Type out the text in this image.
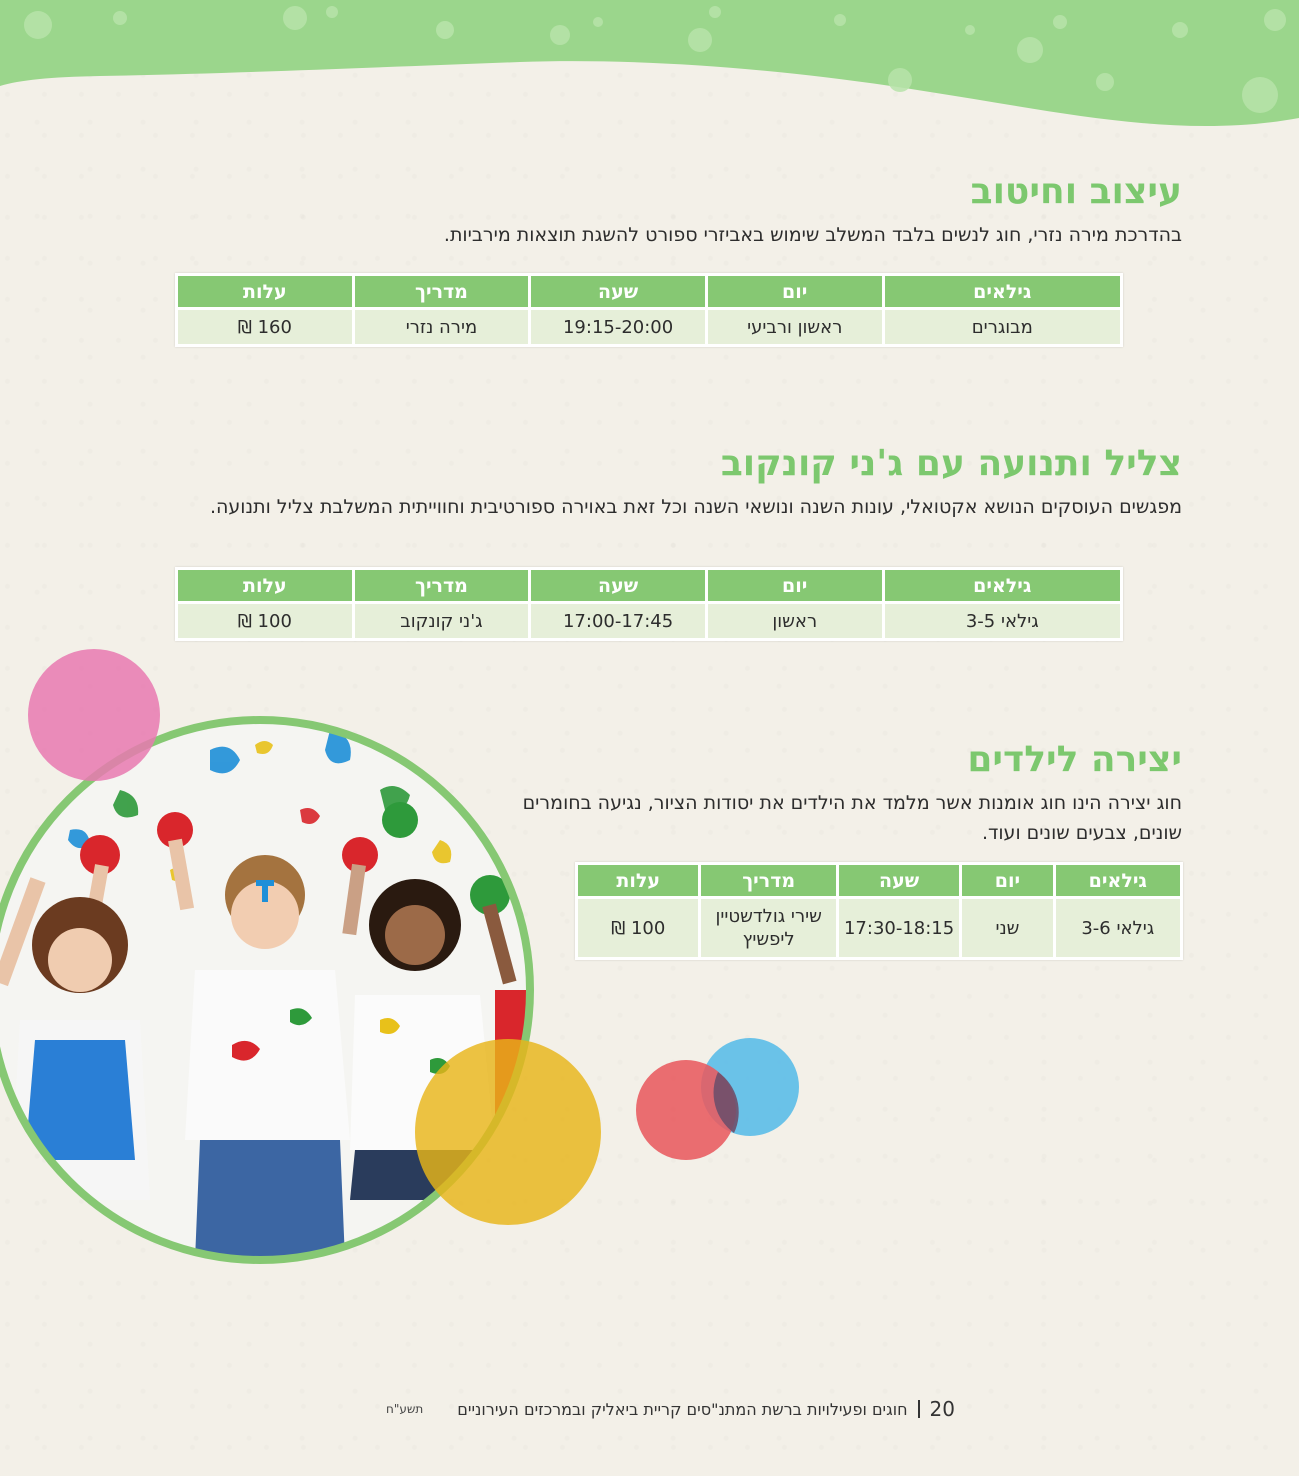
עיצוב וחיטוב
בהדרכת מירה נזרי, חוג לנשים בלבד המשלב שימוש באביזרי ספורט להשגת תוצאות מירביות.
גילאים	יום	שעה	מדריך	עלות
מבוגרים	ראשון ורביעי	19:15-20:00	מירה נזרי	160 ₪
צליל ותנועה עם ג'ני קונקוב
מפגשים העוסקים הנושא אקטואלי, עונות השנה ונושאי השנה וכל זאת באוירה ספורטיבית וחווייתית המשלבת צליל ותנועה.
גילאים	יום	שעה	מדריך	עלות
גילאי 3-5	ראשון	17:00-17:45	ג'ני קונקוב	100 ₪
יצירה לילדים
חוג יצירה הינו חוג אומנות אשר מלמד את הילדים את יסודות הציור, נגיעה בחומרים שונים, צבעים שונים ועוד.
גילאים	יום	שעה	מדריך	עלות
גילאי 3-6	שני	17:30-18:15	שירי גולדשטיין ליפשיץ	100 ₪
20
חוגים ופעילויות ברשת המתנ"סים קריית ביאליק ובמרכזים העירוניים
תשע"ח
